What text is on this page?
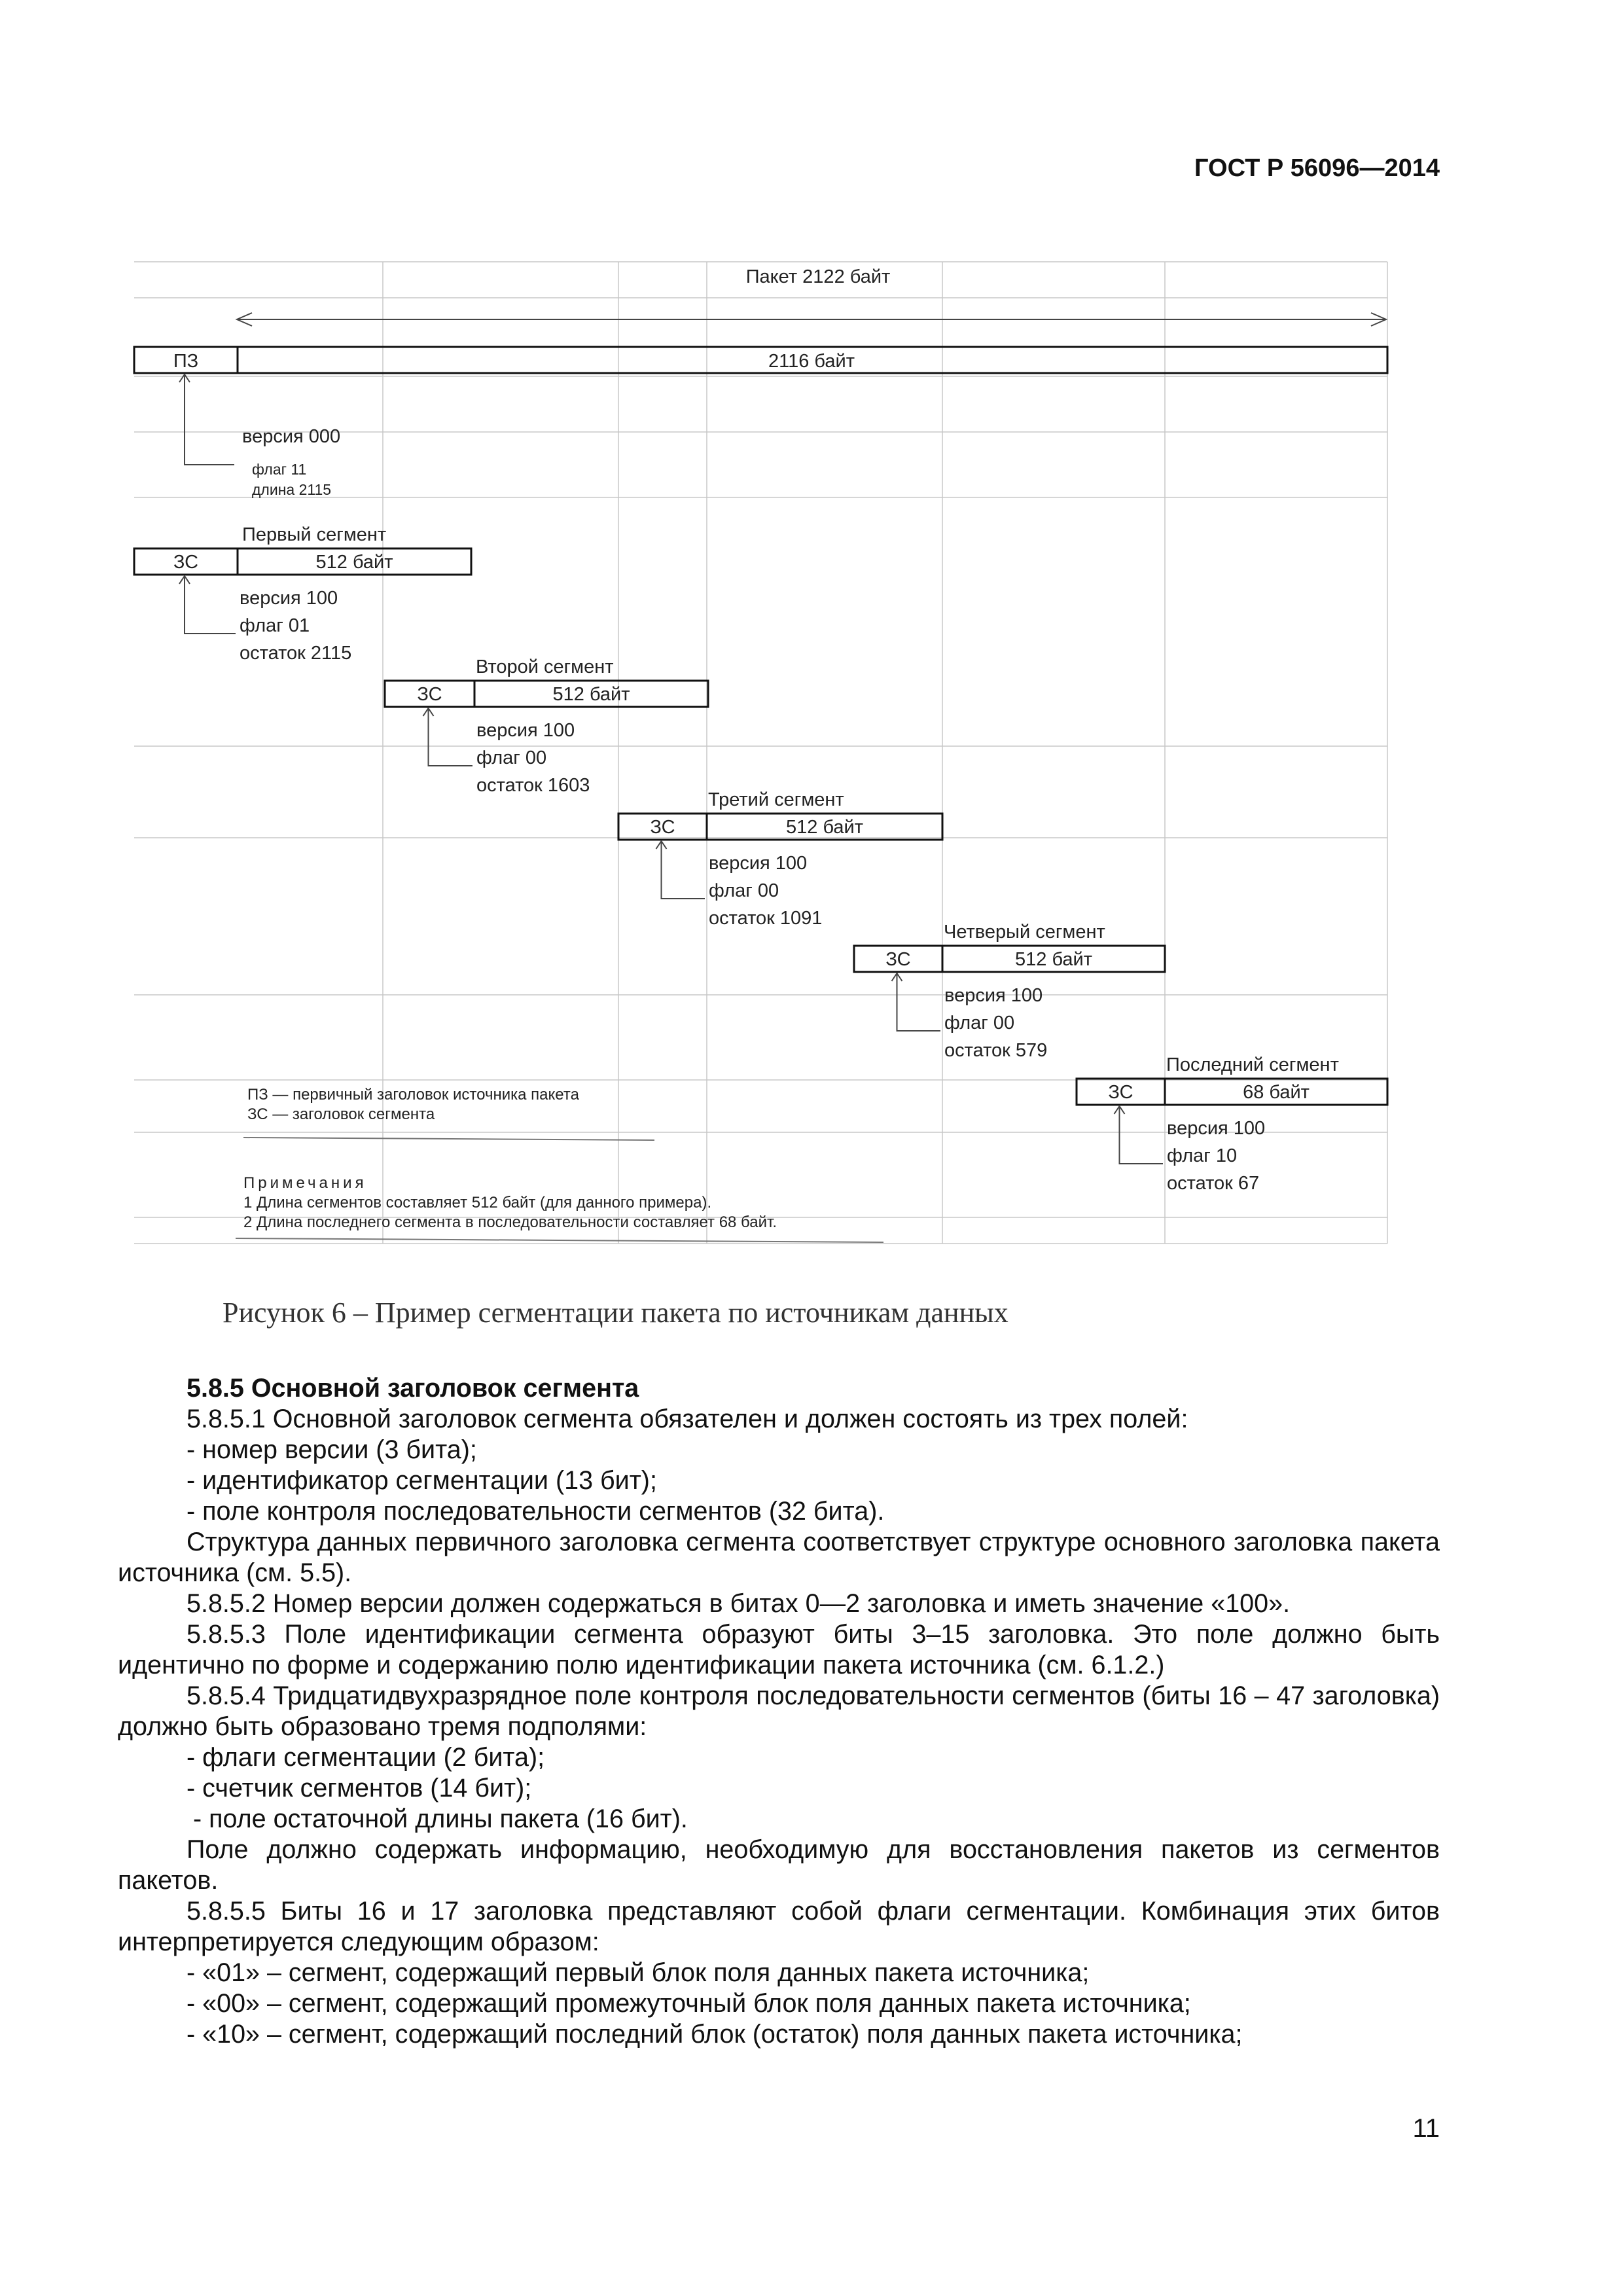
ГОСТ Р 56096—2014
Пакет 2122 байт
ПЗ	2116 байт
версия 000
флаг 11
длина 2115
Первый сегмент
ЗС	512 байт
версия 100
флаг 01
остаток 2115
Второй сегмент
ЗС	512 байт
версия 100
флаг 00
остаток 1603
Третий сегмент
ЗС	512 байт
версия 100
флаг 00
остаток 1091
Четверый сегмент
ЗС	512 байт
версия 100
флаг 00
остаток 579
Последний сегмент
ЗС	68 байт
версия 100
флаг 10
остаток 67
ПЗ — первичный заголовок источника пакета
ЗС — заголовок сегмента
Примечания
1 Длина сегментов составляет 512 байт (для данного примера).
2 Длина последнего сегмента в последовательности составляет 68 байт.
Рисунок 6 – Пример сегментации пакета по источникам данных

5.8.5 Основной заголовок сегмента

5.8.5.1 Основной заголовок сегмента обязателен и должен состоять из трех полей:

- номер версии (3 бита);

- идентификатор сегментации (13 бит);

- поле контроля последовательности сегментов (32 бита).

Структура данных первичного заголовка сегмента соответствует структуре основного заголовка пакета источника (см. 5.5).

5.8.5.2 Номер версии должен содержаться в битах 0—2 заголовка и иметь значение «100».

5.8.5.3 Поле идентификации сегмента образуют биты 3–15 заголовка. Это поле должно быть идентично по форме и содержанию полю идентификации пакета источника (см. 6.1.2.)

5.8.5.4 Тридцатидвухразрядное поле контроля последовательности сегментов (биты 16 – 47 заголовка) должно быть образовано тремя подполями:

- флаги сегментации (2 бита);

- счетчик сегментов (14 бит);

- поле остаточной длины пакета (16 бит).

Поле должно содержать информацию, необходимую для восстановления пакетов из сегментов пакетов.

5.8.5.5 Биты 16 и 17 заголовка представляют собой флаги сегментации. Комбинация этих битов интерпретируется следующим образом:

- «01» – сегмент, содержащий первый блок поля данных пакета источника;

- «00» – сегмент, содержащий промежуточный блок поля данных пакета источника;

- «10» – сегмент, содержащий последний блок (остаток) поля данных пакета источника;

11
